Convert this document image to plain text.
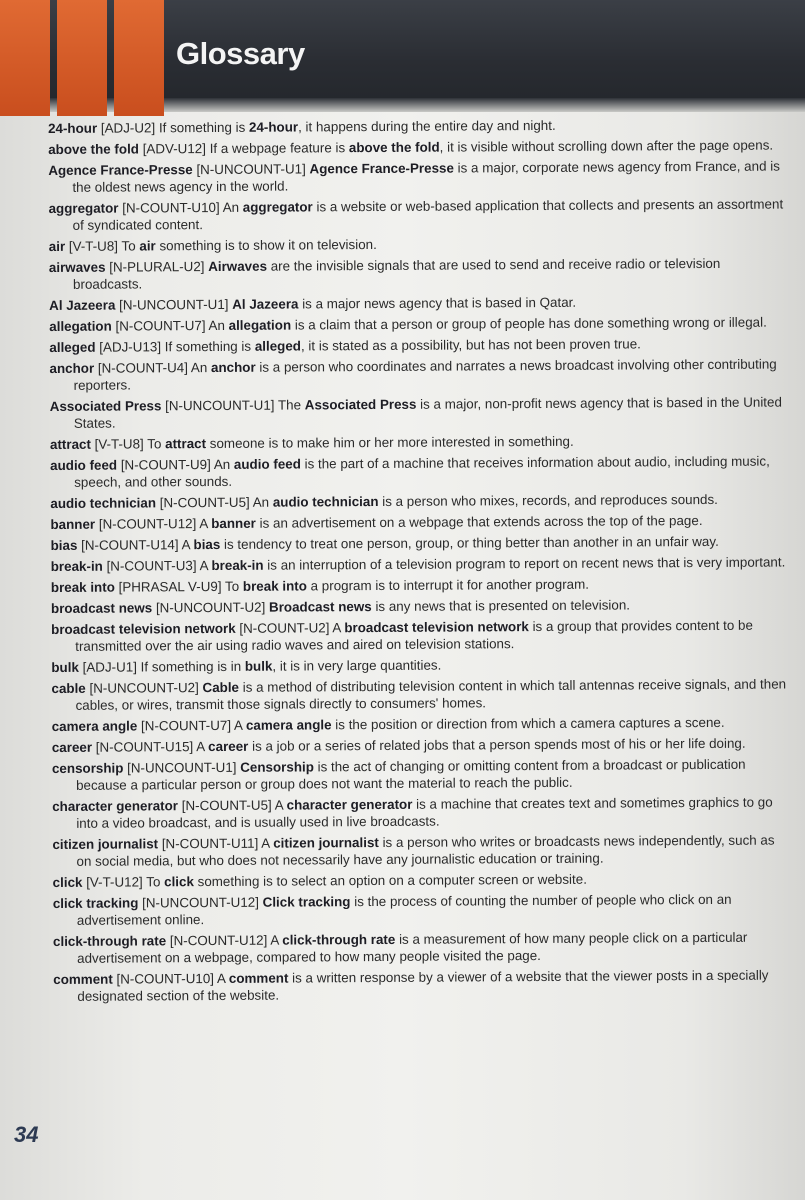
Glossary
24-hour [ADJ-U2] If something is 24-hour, it happens during the entire day and night.
above the fold [ADV-U12] If a webpage feature is above the fold, it is visible without scrolling down after the page opens.
Agence France-Presse [N-UNCOUNT-U1] Agence France-Presse is a major, corporate news agency from France, and is the oldest news agency in the world.
aggregator [N-COUNT-U10] An aggregator is a website or web-based application that collects and presents an assortment of syndicated content.
air [V-T-U8] To air something is to show it on television.
airwaves [N-PLURAL-U2] Airwaves are the invisible signals that are used to send and receive radio or television broadcasts.
Al Jazeera [N-UNCOUNT-U1] Al Jazeera is a major news agency that is based in Qatar.
allegation [N-COUNT-U7] An allegation is a claim that a person or group of people has done something wrong or illegal.
alleged [ADJ-U13] If something is alleged, it is stated as a possibility, but has not been proven true.
anchor [N-COUNT-U4] An anchor is a person who coordinates and narrates a news broadcast involving other contributing reporters.
Associated Press [N-UNCOUNT-U1] The Associated Press is a major, non-profit news agency that is based in the United States.
attract [V-T-U8] To attract someone is to make him or her more interested in something.
audio feed [N-COUNT-U9] An audio feed is the part of a machine that receives information about audio, including music, speech, and other sounds.
audio technician [N-COUNT-U5] An audio technician is a person who mixes, records, and reproduces sounds.
banner [N-COUNT-U12] A banner is an advertisement on a webpage that extends across the top of the page.
bias [N-COUNT-U14] A bias is tendency to treat one person, group, or thing better than another in an unfair way.
break-in [N-COUNT-U3] A break-in is an interruption of a television program to report on recent news that is very important.
break into [PHRASAL V-U9] To break into a program is to interrupt it for another program.
broadcast news [N-UNCOUNT-U2] Broadcast news is any news that is presented on television.
broadcast television network [N-COUNT-U2] A broadcast television network is a group that provides content to be transmitted over the air using radio waves and aired on television stations.
bulk [ADJ-U1] If something is in bulk, it is in very large quantities.
cable [N-UNCOUNT-U2] Cable is a method of distributing television content in which tall antennas receive signals, and then cables, or wires, transmit those signals directly to consumers' homes.
camera angle [N-COUNT-U7] A camera angle is the position or direction from which a camera captures a scene.
career [N-COUNT-U15] A career is a job or a series of related jobs that a person spends most of his or her life doing.
censorship [N-UNCOUNT-U1] Censorship is the act of changing or omitting content from a broadcast or publication because a particular person or group does not want the material to reach the public.
character generator [N-COUNT-U5] A character generator is a machine that creates text and sometimes graphics to go into a video broadcast, and is usually used in live broadcasts.
citizen journalist [N-COUNT-U11] A citizen journalist is a person who writes or broadcasts news independently, such as on social media, but who does not necessarily have any journalistic education or training.
click [V-T-U12] To click something is to select an option on a computer screen or website.
click tracking [N-UNCOUNT-U12] Click tracking is the process of counting the number of people who click on an advertisement online.
click-through rate [N-COUNT-U12] A click-through rate is a measurement of how many people click on a particular advertisement on a webpage, compared to how many people visited the page.
comment [N-COUNT-U10] A comment is a written response by a viewer of a website that the viewer posts in a specially designated section of the website.
34
